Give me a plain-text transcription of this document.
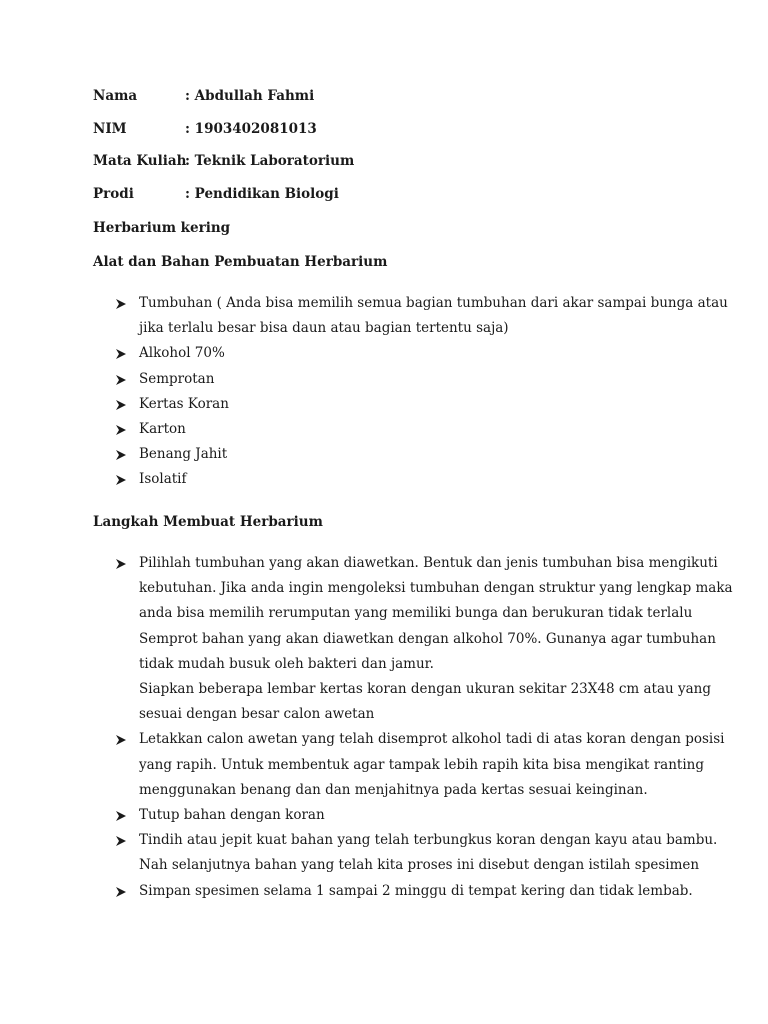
Nama	: Abdullah Fahmi
NIM	: 1903402081013
Mata Kuliah: Teknik Laboratorium
Prodi	: Pendidikan Biologi
Herbarium kering
Alat dan Bahan Pembuatan Herbarium
Tumbuhan ( Anda bisa memilih semua bagian tumbuhan dari akar sampai bunga atau
jika terlalu besar bisa daun atau bagian tertentu saja)
Alkohol 70%
Semprotan
Kertas Koran
Karton
Benang Jahit
Isolatif
Langkah Membuat Herbarium
Pilihlah tumbuhan yang akan diawetkan. Bentuk dan jenis tumbuhan bisa mengikuti
kebutuhan. Jika anda ingin mengoleksi tumbuhan dengan struktur yang lengkap maka
anda bisa memilih rerumputan yang memiliki bunga dan berukuran tidak terlalu
Semprot bahan yang akan diawetkan dengan alkohol 70%. Gunanya agar tumbuhan
tidak mudah busuk oleh bakteri dan jamur.
Siapkan beberapa lembar kertas koran dengan ukuran sekitar 23X48 cm atau yang
sesuai dengan besar calon awetan
Letakkan calon awetan yang telah disemprot alkohol tadi di atas koran dengan posisi
yang rapih. Untuk membentuk agar tampak lebih rapih kita bisa mengikat ranting
menggunakan benang dan dan menjahitnya pada kertas sesuai keinginan.
Tutup bahan dengan koran
Tindih atau jepit kuat bahan yang telah terbungkus koran dengan kayu atau bambu.
Nah selanjutnya bahan yang telah kita proses ini disebut dengan istilah spesimen
Simpan spesimen selama 1 sampai 2 minggu di tempat kering dan tidak lembab.
